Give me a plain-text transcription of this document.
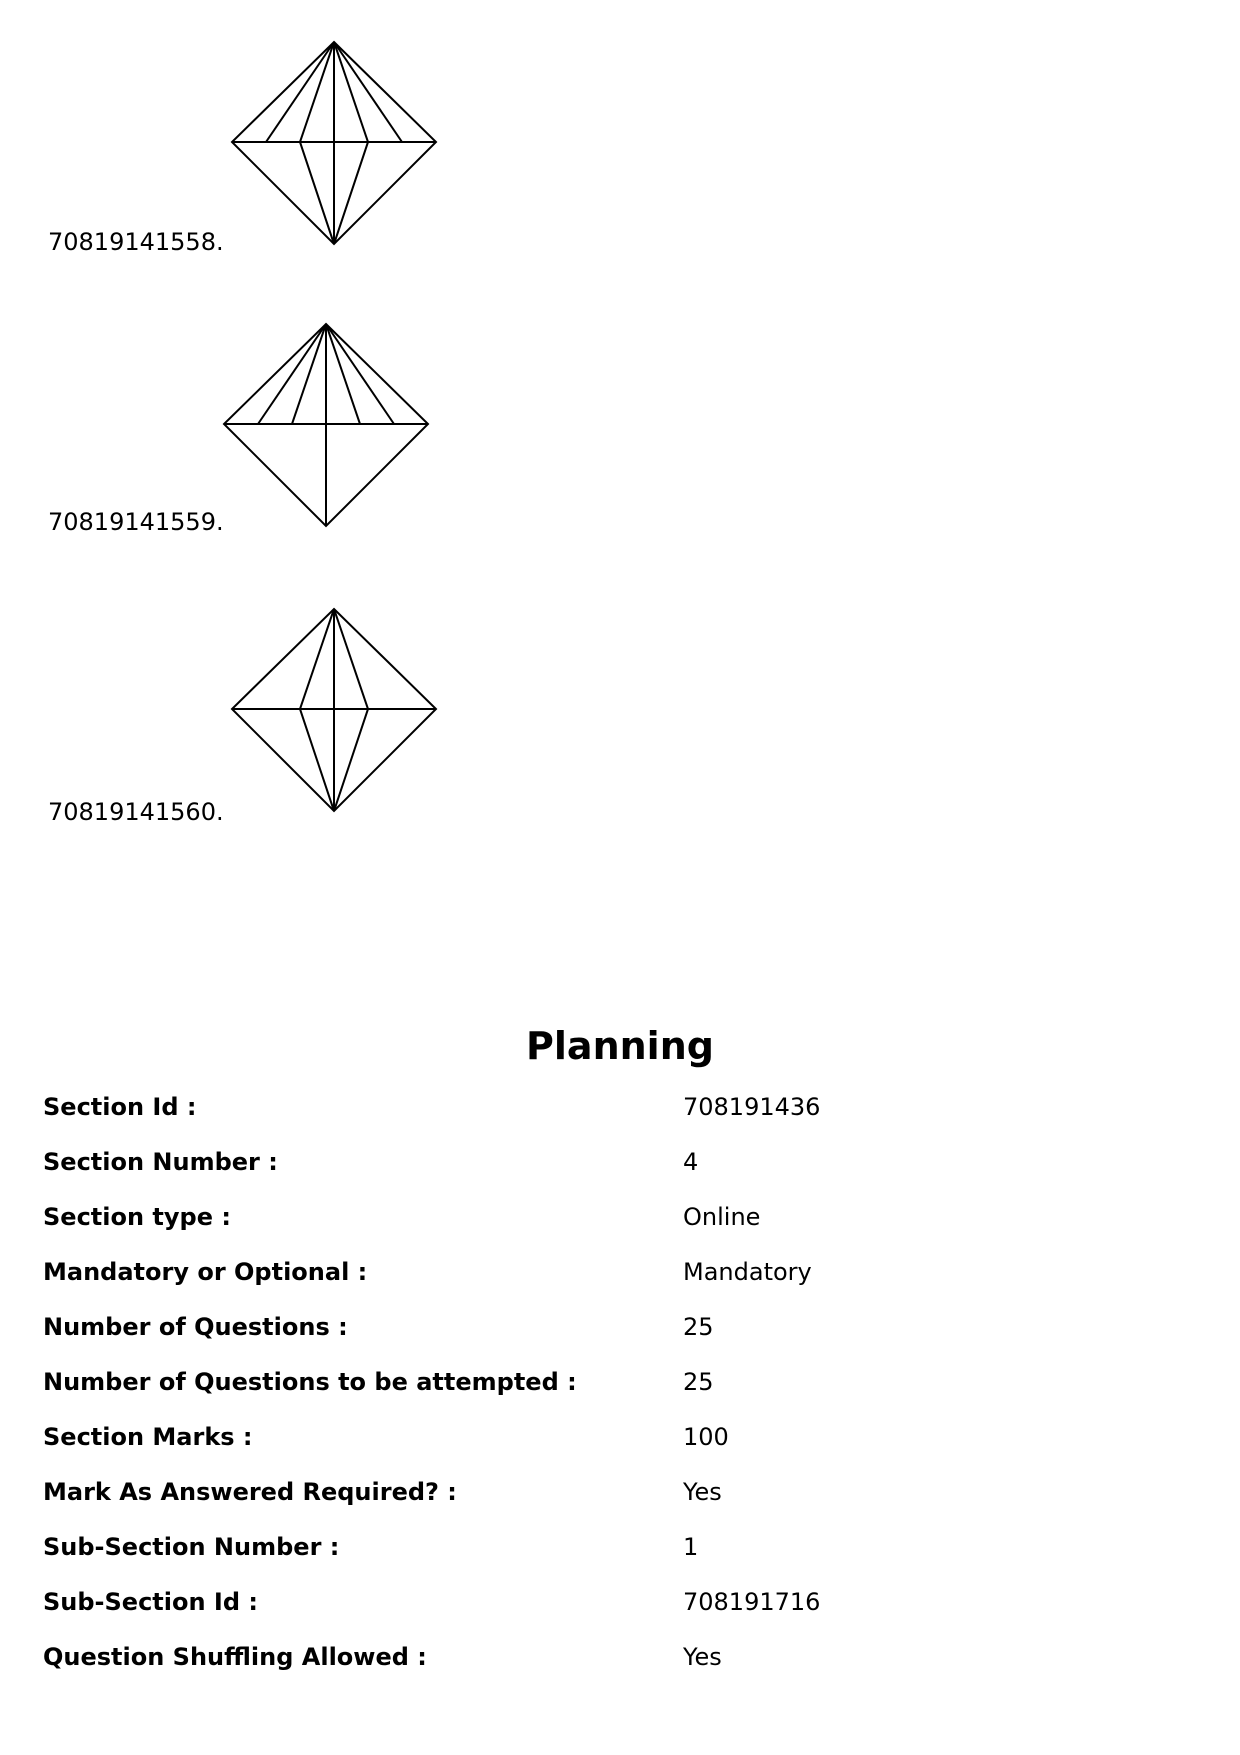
70819141558.
70819141559.
70819141560.
Planning
Section Id :	708191436
Section Number :	4
Section type :	Online
Mandatory or Optional :	Mandatory
Number of Questions :	25
Number of Questions to be attempted :	25
Section Marks :	100
Mark As Answered Required? :	Yes
Sub-Section Number :	1
Sub-Section Id :	708191716
Question Shuffling Allowed :	Yes
